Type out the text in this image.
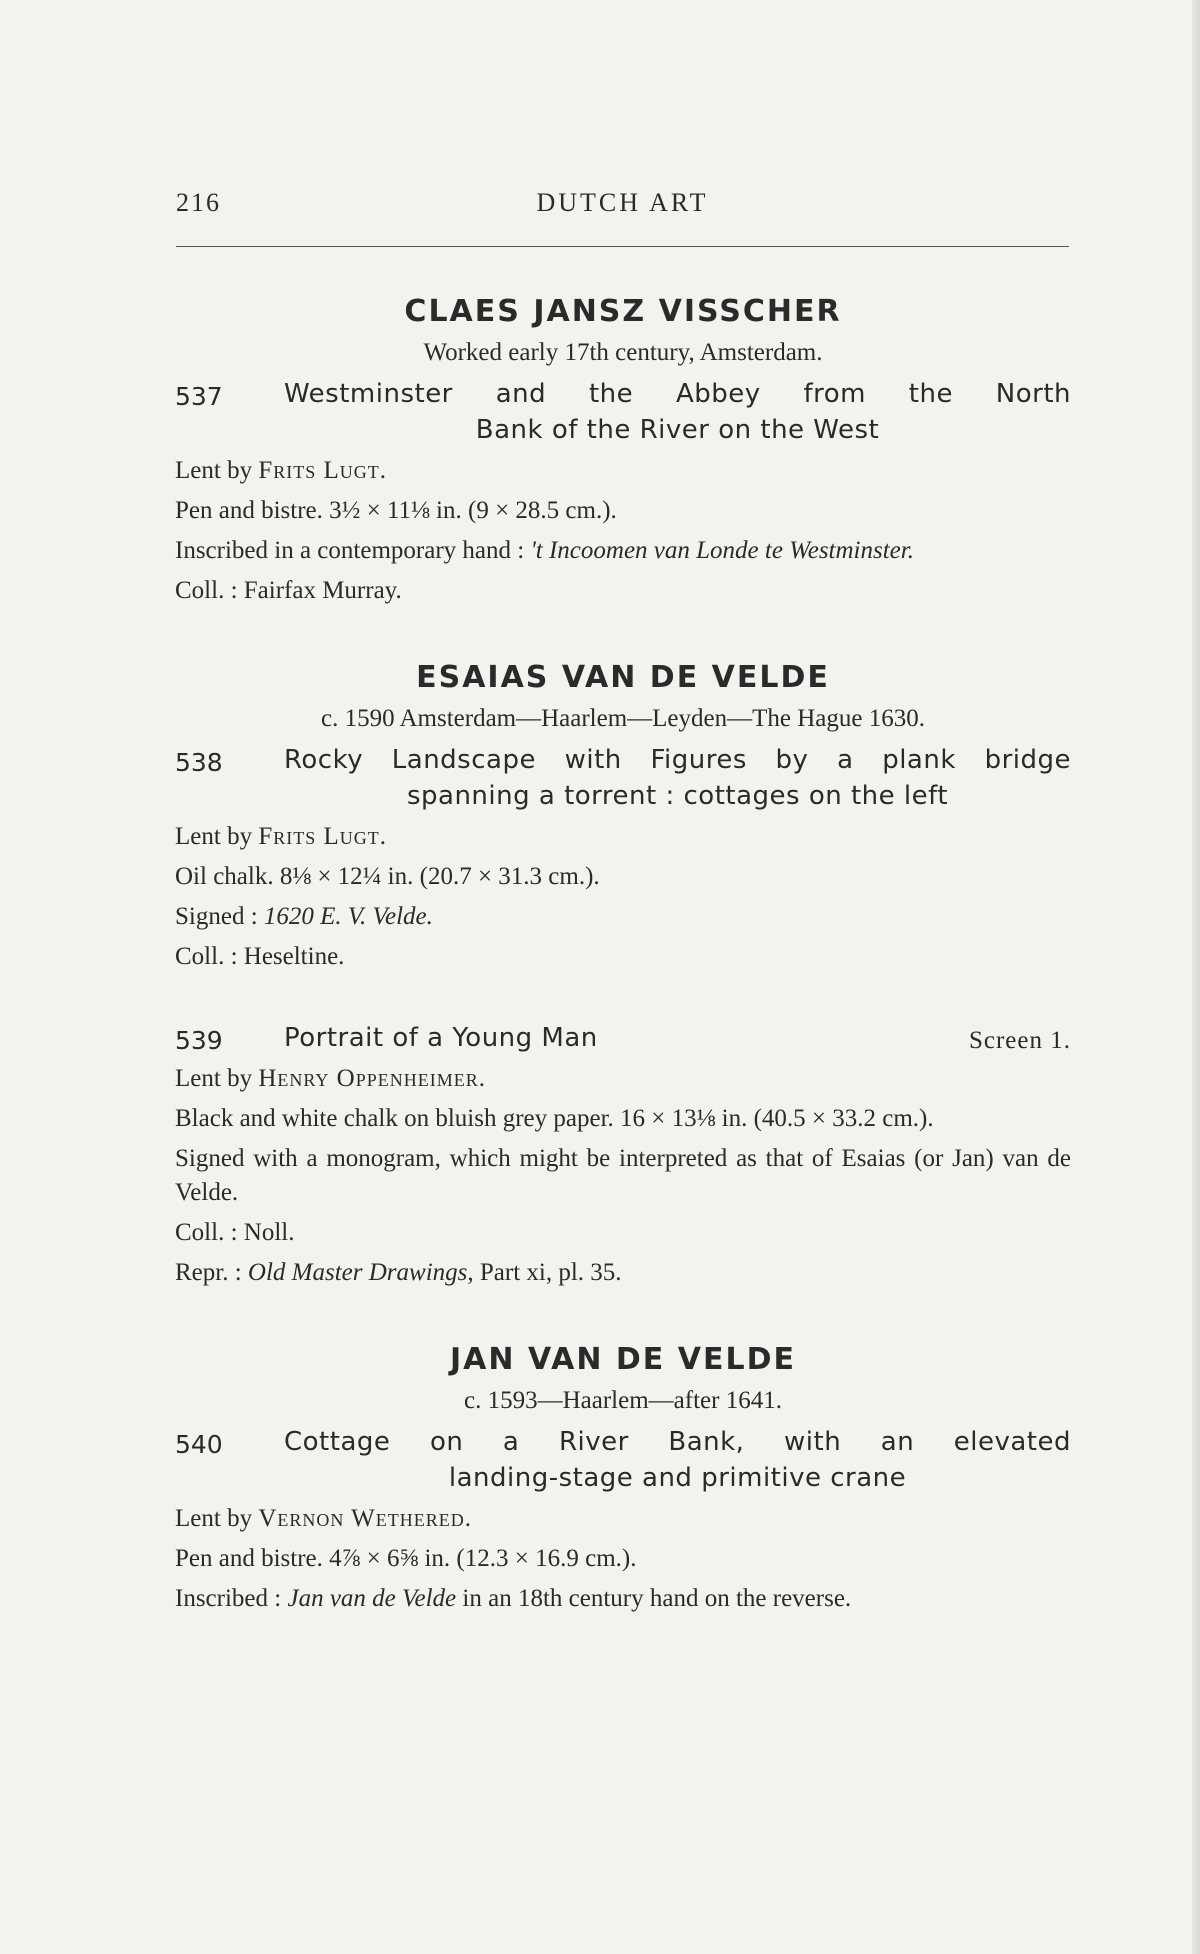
216	DUTCH ART
CLAES JANSZ VISSCHER
Worked early 17th century, Amsterdam.
537 Westminster and the Abbey from the North
Bank of the River on the West
Lent by Frits Lugt.
Pen and bistre. 3½ × 11⅛ in. (9 × 28.5 cm.).
Inscribed in a contemporary hand : 't Incoomen van Londe te Westminster.
Coll. : Fairfax Murray.
ESAIAS VAN DE VELDE
c. 1590 Amsterdam—Haarlem—Leyden—The Hague 1630.
538 Rocky Landscape with Figures by a plank bridge
spanning a torrent : cottages on the left
Lent by Frits Lugt.
Oil chalk. 8⅛ × 12¼ in. (20.7 × 31.3 cm.).
Signed : 1620 E. V. Velde.
Coll. : Heseltine.
539 Portrait of a Young Man	Screen 1.
Lent by Henry Oppenheimer.
Black and white chalk on bluish grey paper. 16 × 13⅛ in. (40.5 × 33.2 cm.).
Signed with a monogram, which might be interpreted as that of Esaias (or Jan) van de Velde.
Coll. : Noll.
Repr. : Old Master Drawings, Part xi, pl. 35.
JAN VAN DE VELDE
c. 1593—Haarlem—after 1641.
540 Cottage on a River Bank, with an elevated
landing-stage and primitive crane
Lent by Vernon Wethered.
Pen and bistre. 4⅞ × 6⅝ in. (12.3 × 16.9 cm.).
Inscribed : Jan van de Velde in an 18th century hand on the reverse.
